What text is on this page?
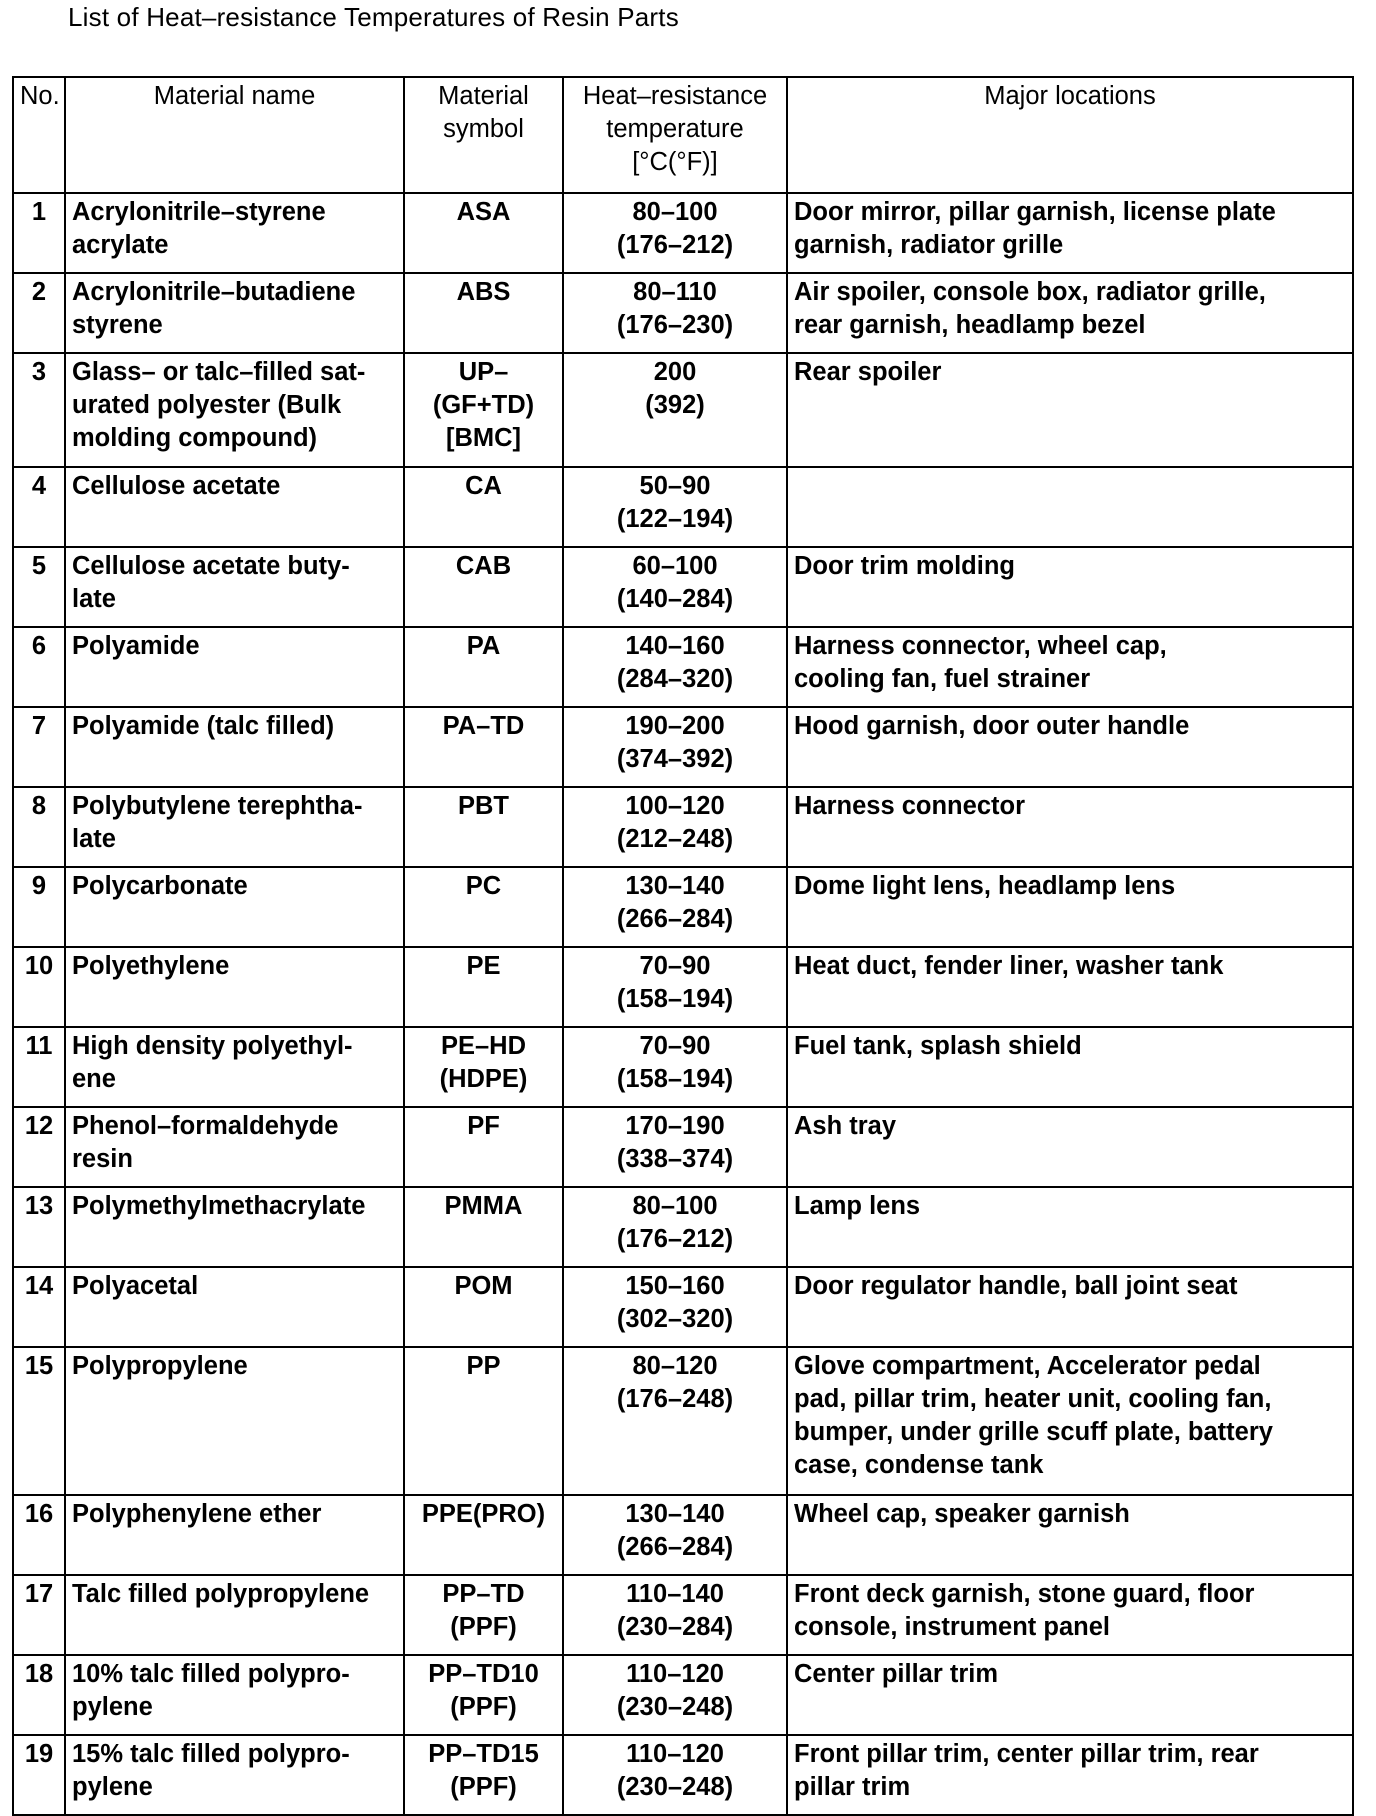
List of Heat–resistance Temperatures of Resin Parts
No.	Material name	Material
symbol	Heat–resistance
temperature
[°C(°F)]	Major locations

1	Acrylonitrile–styrene
acrylate	ASA	80–100
(176–212)	Door mirror, pillar garnish, license plate
garnish, radiator grille

2	Acrylonitrile–butadiene
styrene	ABS	80–110
(176–230)	Air spoiler, console box, radiator grille,
rear garnish, headlamp bezel

3	Glass– or talc–filled sat-
urated polyester (Bulk
molding compound)	UP–
(GF+TD)
[BMC]	200
(392)	Rear spoiler

4	Cellulose acetate	CA	50–90
(122–194)	

5	Cellulose acetate buty-
late	CAB	60–100
(140–284)	Door trim molding

6	Polyamide	PA	140–160
(284–320)	Harness connector, wheel cap,
cooling fan, fuel strainer

7	Polyamide (talc filled)	PA–TD	190–200
(374–392)	Hood garnish, door outer handle

8	Polybutylene terephtha-
late	PBT	100–120
(212–248)	Harness connector

9	Polycarbonate	PC	130–140
(266–284)	Dome light lens, headlamp lens

10	Polyethylene	PE	70–90
(158–194)	Heat duct, fender liner, washer tank

11	High density polyethyl-
ene	PE–HD
(HDPE)	70–90
(158–194)	Fuel tank, splash shield

12	Phenol–formaldehyde
resin	PF	170–190
(338–374)	Ash tray

13	Polymethylmethacrylate	PMMA	80–100
(176–212)	Lamp lens

14	Polyacetal	POM	150–160
(302–320)	Door regulator handle, ball joint seat

15	Polypropylene	PP	80–120
(176–248)	Glove compartment, Accelerator pedal
pad, pillar trim, heater unit, cooling fan,
bumper, under grille scuff plate, battery
case, condense tank

16	Polyphenylene ether	PPE(PRO)	130–140
(266–284)	Wheel cap, speaker garnish

17	Talc filled polypropylene	PP–TD
(PPF)	110–140
(230–284)	Front deck garnish, stone guard, floor
console, instrument panel

18	10% talc filled polypro-
pylene	PP–TD10
(PPF)	110–120
(230–248)	Center pillar trim

19	15% talc filled polypro-
pylene	PP–TD15
(PPF)	110–120
(230–248)	Front pillar trim, center pillar trim, rear
pillar trim
